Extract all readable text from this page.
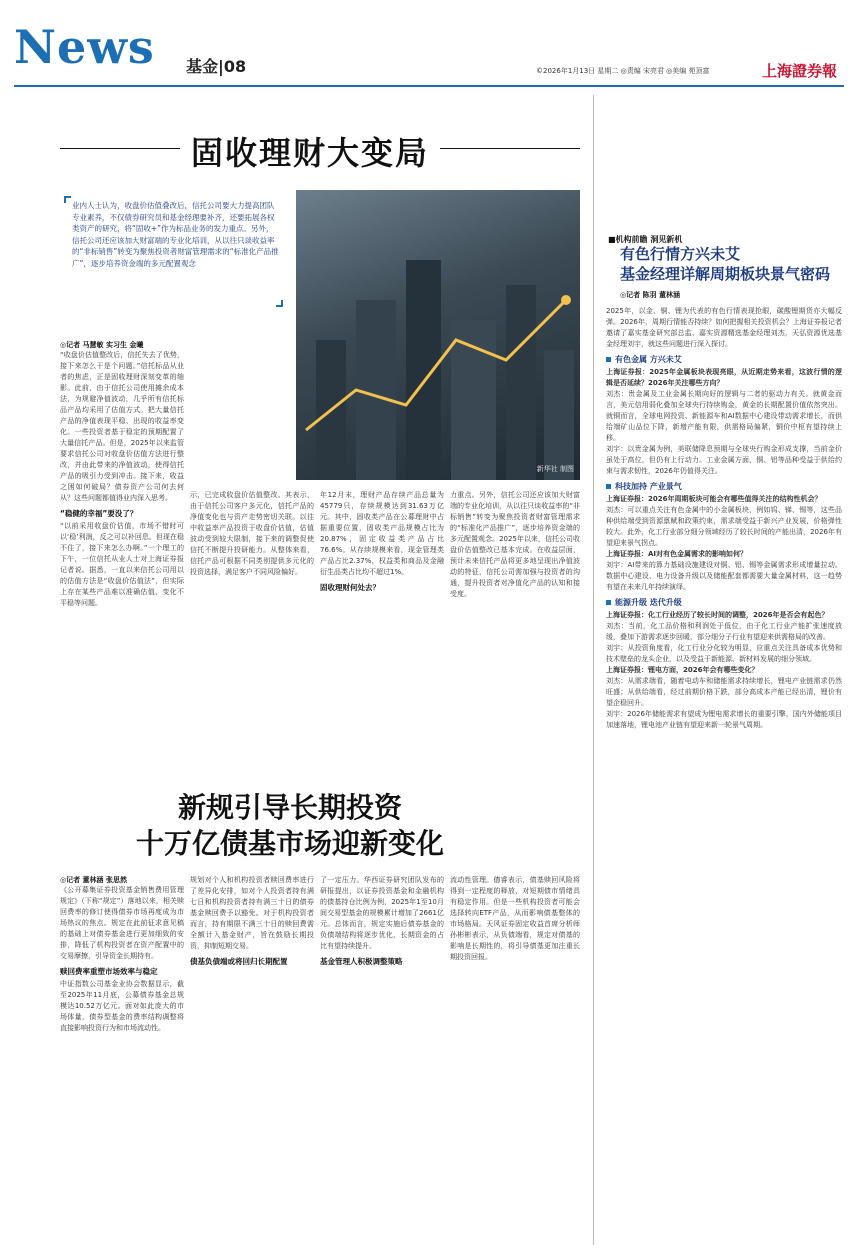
News 基金|08	©2026年1月13日 星期二 ◎责编 宋亮君 ◎美编 苑顶富	上海證券報
固收理财大变局
业内人士认为，收盘价估值叠改后，信托公司要大力提高团队专业素养，不仅债券研究员和基金经理要补齐，还要拓展各权类资产的研究，将“固收+”作为标品业务的发力重点。另外，信托公司还应该加大财富端的专业化培训，从以往只谈收益率的“非标销售”转变为聚焦投资者财富管理需求的“标准化产品推广”，逐步培养资金端的多元配置观念
新华社 制图
◎记者 马慧敏 实习生 金曦
“收盘价估值整改后，信托失去了优势，接下来怎么干是个问题。”信托标品从业者的焦虑，正是固收理财深刻变革的缩影。此前，由于信托公司使用摊余成本法，为规避净值波动，几乎所有信托标品产品均采用了估值方式。把大量信托产品的净值表现平稳、出现的收益率变化。一些投资者基于稳定的预期配置了大量信托产品。但是，2025年以来监管要求信托公司对收盘价估值方法进行整改，并由此带来的净值波动，使得信托产品的吸引力受到冲击。接下来，收益之困如何破局？债券资产公司何去何从？这些问题都值得业内深入思考。
“稳健的幸福”要没了？
“以前采用收盘价估值，市场不错时可以‘稳’利润，反之可以补回息。但现在稳不住了，接下来怎么办啊。”一个理工的下午，一位信托从业人士对上海证券报记者说。据悉，一直以来信托公司用以的估值方法是“收盘价估值法”，但实际上存在某些产品难以准确估值、变化不平稳等问题。
示，已完成收盘价估值整改。其表示，由于信托公司客户多元化，信托产品的净值变化也与资产走势密切关联。以往中收益率产品投资于收盘价估值，估值波动受到较大限制，接下来的调整促使信托不断提升投研能力。从整体来看，信托产品可根据不同类别提供多元化的投资选择，满足客户不同风险偏好。
年12月末，理财产品存续产品总量为45779只，存续规模达到31.63万亿元。其中，固收类产品在公募理财中占据重要位置，固收类产品规模占比为20.87%，固定收益类产品占比76.6%。从存续规模来看，现金管理类产品占比2.37%，权益类和商品及金融衍生品类占比均不超过1%。
固收理财何处去？
力重点。另外，信托公司还应该加大财富端的专业化培训，从以往只谈收益率的“非标销售”转变为聚焦投资者财富管理需求的“标准化产品推广”，逐步培养资金端的多元配置观念。2025年以来，信托公司收盘价估值整改已基本完成。在收益层面，预计未来信托产品将更多地呈现出净值波动的特征，信托公司需加强与投资者的沟通，提升投资者对净值化产品的认知和接受度。
新规引导长期投资
十万亿债基市场迎新变化
◎记者 董林涵 张思然
《公开募集证券投资基金销售费用管理规定》（下称“规定”）落地以来，相关赎回费率的修订使得债券市场再度成为市场热议的焦点。规定在此前征求意见稿的基础上对债券基金进行更加细致的安排，降低了机构投资者在资产配置中的交易摩擦，引导资金长期持有。
赎回费率重塑市场效率与稳定
中证指数公司基金业协会数据显示，截至2025年11月底，公募债券基金总规模达10.52万亿元。面对如此庞大的市场体量，债券型基金的费率结构调整将直接影响投资行为和市场流动性。
规划对个人和机构投资者赎回费率进行了差异化安排，如对个人投资者持有满七日和机构投资者持有满三十日的债券基金赎回费予以豁免。对于机构投资者而言，持有期限不满三十日的赎回费需全额计入基金财产，旨在鼓励长期投资，抑制短期交易。
债基负债端或将回归长期配置
了一定压力。华西证券研究团队发布的研报提出，以证券投资基金和金融机构的债基持仓比例为例，2025年1至10月间交易型基金的规模累计增加了2661亿元。总体而言，规定实施后债券基金的负债端结构将逐步优化，长期资金的占比有望持续提升。
基金管理人积极调整策略
流动性管理。德睿表示，债基赎回风险将得到一定程度的释放，对短期债市情绪具有稳定作用。但是一些机构投资者可能会选择转向ETF产品，从而影响债基整体的市场格局。天风证券固定收益首席分析师孙彬彬表示，从负债端看，规定对债基的影响是长期性的，将引导债基更加注重长期投资回报。
■机构前瞻 洞见新机
有色行情方兴未艾
基金经理详解周期板块景气密码
◎记者 陈羽 董林涵
2025年，以金、铜、锂为代表的有色行情表现抢眼，碳酸锂期货亦大幅反弹。2026年，周期行情能否持续？如何把握相关投资机会？上海证券报记者邀请了嘉实基金研究部总监、嘉实资源精选基金经理刘杰，天弘资源优选基金经理刘宇，就这些问题进行深入探讨。
有色金属 方兴未艾
上海证券报：2025年金属板块表现亮眼，从近期走势来看，这波行情的逻辑是否延续？2026年关注哪些方向？
刘杰：贵金属及工业金属长期向好的逻辑与二者的驱动力有关。就黄金而言，美元信用弱化叠加全球央行持续购金，黄金的长期配置价值依然突出。就铜而言，全球电网投资、新能源车和AI数据中心建设带动需求增长，而供给端矿山品位下降，新增产能有限，供需格局偏紧，铜价中枢有望持续上移。
刘宇：以贵金属为例，美联储降息预期与全球央行购金形成支撑，当前金价虽处于高位，但仍有上行动力。工业金属方面，铜、铝等品种受益于供给约束与需求韧性，2026年仍值得关注。
科技加持 产业景气
上海证券报：2026年周期板块可能会有哪些值得关注的结构性机会？
刘杰：可以重点关注有色金属中的小金属板块，例如钨、锑、锡等，这些品种供给端受到资源禀赋和政策约束，需求端受益于新兴产业发展，价格弹性较大。此外，化工行业部分细分领域经历了较长时间的产能出清，2026年有望迎来景气拐点。
上海证券报：AI对有色金属需求的影响如何？
刘宇：AI带来的算力基础设施建设对铜、铝、锡等金属需求形成增量拉动。数据中心建设、电力设备升级以及储能配套都需要大量金属材料，这一趋势有望在未来几年持续演绎。
能源升级 迭代升级
上海证券报：化工行业经历了较长时间的调整，2026年是否会有起色？
刘杰：当前，化工品价格和利润处于低位，由于化工行业产能扩张速度放缓，叠加下游需求逐步回暖，部分细分子行业有望迎来供需格局的改善。
刘宇：从投资角度看，化工行业分化较为明显，应重点关注具备成本优势和技术壁垒的龙头企业，以及受益于新能源、新材料发展的细分领域。
上海证券报：锂电方面，2026年会有哪些变化？
刘杰：从需求端看，随着电动车和储能需求持续增长，锂电产业链需求仍然旺盛；从供给端看，经过前期价格下跌，部分高成本产能已经出清，锂价有望企稳回升。
刘宇：2026年储能需求有望成为锂电需求增长的重要引擎，国内外储能项目加速落地，锂电池产业链有望迎来新一轮景气周期。
